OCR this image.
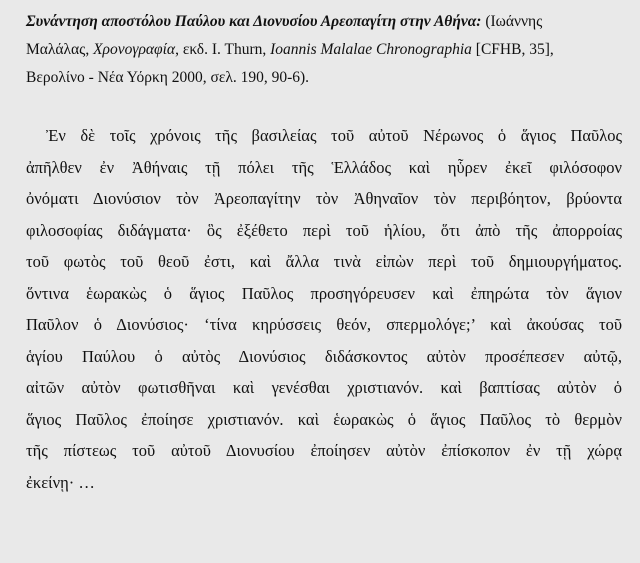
Συνάντηση αποστόλου Παύλου και Διονυσίου Αρεοπαγίτη στην Αθήνα: (Ιωάννης
Μαλάλας, Χρονογραφία, εκδ. I. Thurn, Ioannis Malalae Chronographia [CFHB, 35],
Βερολίνο - Νέα Υόρκη 2000, σελ. 190, 90-6).
Ἐν δὲ τοῖς χρόνοις τῆς βασιλείας τοῦ αὐτοῦ Νέρωνος ὁ ἅγιος Παῦλος
ἀπῆλθεν ἐν Ἀθήναις τῇ πόλει τῆς Ἑλλάδος καὶ ηὗρεν ἐκεῖ φιλόσοφον
ὀνόματι Διονύσιον τὸν Ἀρεοπαγίτην τὸν Ἀθηναῖον τὸν περιβόητον, βρύοντα
φιλοσοφίας διδάγματα· ὃς ἐξέθετο περὶ τοῦ ἡλίου, ὅτι ἀπὸ τῆς ἀπορροίας
τοῦ φωτὸς τοῦ θεοῦ ἐστι, καὶ ἄλλα τινὰ εἰπὼν περὶ τοῦ δημιουργήματος.
ὅντινα ἑωρακὼς ὁ ἅγιος Παῦλος προσηγόρευσεν καὶ ἐπηρώτα τὸν ἅγιον
Παῦλον ὁ Διονύσιος· ‘τίνα κηρύσσεις θεόν, σπερμολόγε;’ καὶ ἀκούσας τοῦ
ἁγίου Παύλου ὁ αὐτὸς Διονύσιος διδάσκοντος αὐτὸν προσέπεσεν αὐτῷ,
αἰτῶν αὐτὸν φωτισθῆναι καὶ γενέσθαι χριστιανόν. καὶ βαπτίσας αὐτὸν ὁ
ἅγιος Παῦλος ἐποίησε χριστιανόν. καὶ ἑωρακὼς ὁ ἅγιος Παῦλος τὸ θερμὸν
τῆς πίστεως τοῦ αὐτοῦ Διονυσίου ἐποίησεν αὐτὸν ἐπίσκοπον ἐν τῇ χώρᾳ
ἐκείνῃ· …
